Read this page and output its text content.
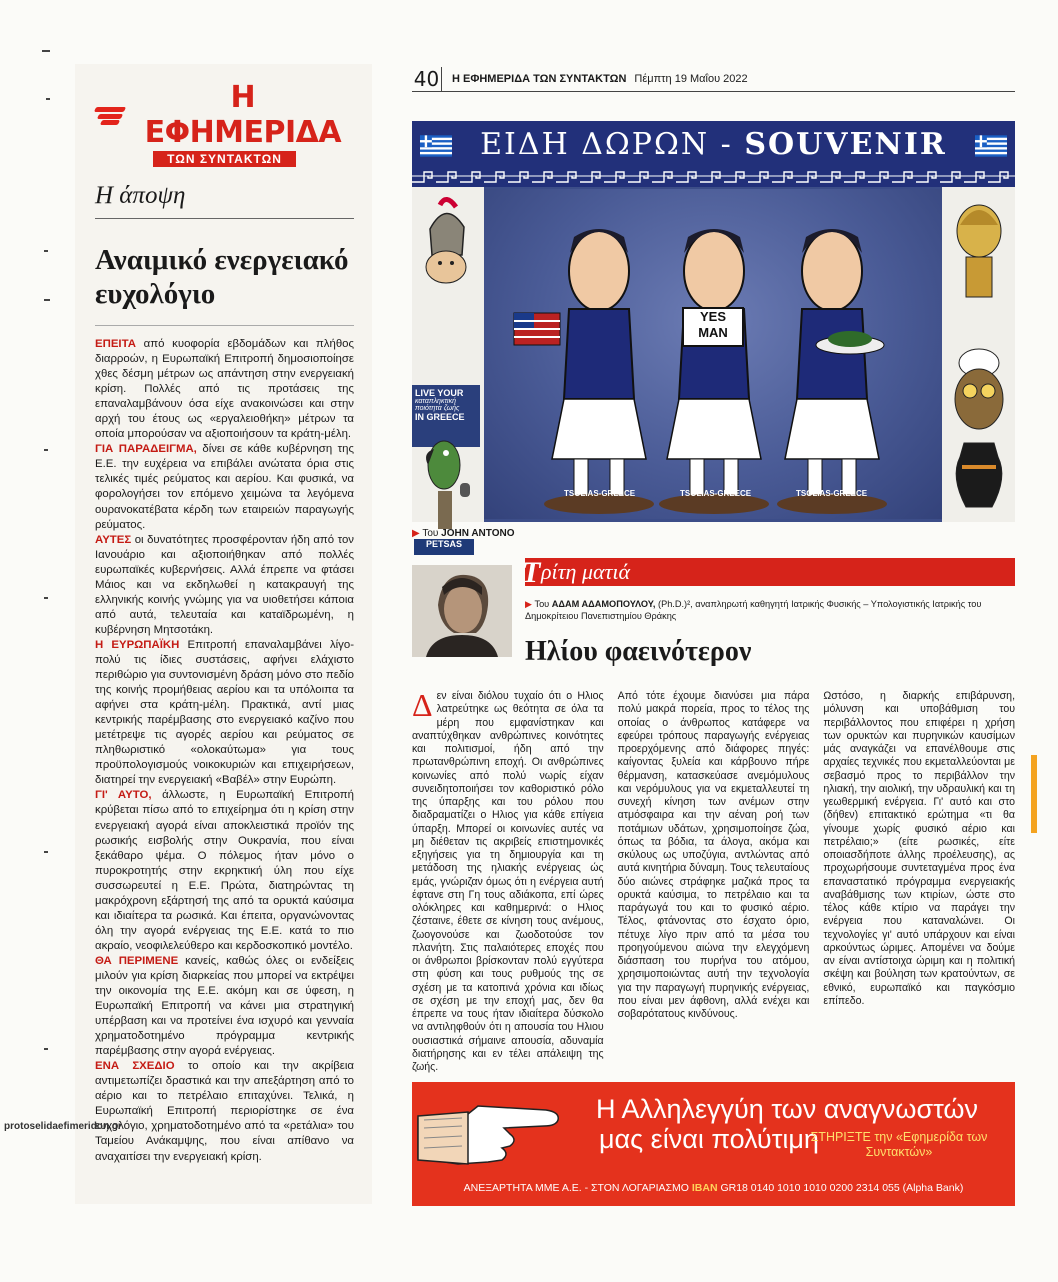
Η ΕΦΗΜΕΡΙΔΑ
ΤΩΝ ΣΥΝΤΑΚΤΩΝ
Η άποψη
Αναιμικό ενεργειακό ευχολόγιο

ΕΠΕΙΤΑ από κυοφορία εβδομάδων και πλήθος διαρροών, η Ευρωπαϊκή Επιτροπή δημοσιοποίησε χθες δέσμη μέτρων ως απάντηση στην ενεργειακή κρίση. Πολλές από τις προτάσεις της επαναλαμβάνουν όσα είχε ανακοινώσει και στην αρχή του έτους ως «εργαλειοθήκη» μέτρων τα οποία μπορούσαν να αξιοποιήσουν τα κράτη-μέλη.

ΓΙΑ ΠΑΡΑΔΕΙΓΜΑ, δίνει σε κάθε κυβέρνηση της Ε.Ε. την ευχέρεια να επιβάλει ανώτατα όρια στις τελικές τιμές ρεύματος και αερίου. Και φυσικά, να φορολογήσει τον επόμενο χειμώνα τα λεγόμενα ουρανοκατέβατα κέρδη των εταιρειών παραγωγής ρεύματος.

ΑΥΤΕΣ οι δυνατότητες προσφέρονταν ήδη από τον Ιανουάριο και αξιοποιήθηκαν από πολλές ευρωπαϊκές κυβερνήσεις. Αλλά έπρεπε να φτάσει Μάιος και να εκδηλωθεί η κατακραυγή της ελληνικής κοινής γνώμης για να υιοθετήσει κάποια από αυτά, τελευταία και καταϊδρωμένη, η κυβέρνηση Μητσοτάκη.

Η ΕΥΡΩΠΑΪΚΗ Επιτροπή επαναλαμβάνει λίγο-πολύ τις ίδιες συστάσεις, αφήνει ελάχιστο περιθώριο για συντονισμένη δράση μόνο στο πεδίο της κοινής προμήθειας αερίου και τα υπόλοιπα τα αφήνει στα κράτη-μέλη. Πρακτικά, αντί μιας κεντρικής παρέμβασης στο ενεργειακό καζίνο που μετέτρεψε τις αγορές αερίου και ρεύματος σε πληθωριστικό «ολοκαύτωμα» για τους προϋπολογισμούς νοικοκυριών και επιχειρήσεων, διατηρεί την ενεργειακή «Βαβέλ» στην Ευρώπη.

ΓΙ' ΑΥΤΟ, άλλωστε, η Ευρωπαϊκή Επιτροπή κρύβεται πίσω από το επιχείρημα ότι η κρίση στην ενεργειακή αγορά είναι αποκλειστικά προϊόν της ρωσικής εισβολής στην Ουκρανία, που είναι ξεκάθαρο ψέμα. Ο πόλεμος ήταν μόνο ο πυροκροτητής στην εκρηκτική ύλη που είχε συσσωρευτεί η Ε.Ε. Πρώτα, διατηρώντας τη μακρόχρονη εξάρτησή της από τα ορυκτά καύσιμα και ιδιαίτερα τα ρωσικά. Και έπειτα, οργανώνοντας όλη την αγορά ενέργειας της Ε.Ε. κατά το πιο ακραίο, νεοφιλελεύθερο και κερδοσκοπικό μοντέλο.

ΘΑ ΠΕΡΙΜΕΝΕ κανείς, καθώς όλες οι ενδείξεις μιλούν για κρίση διαρκείας που μπορεί να εκτρέψει την οικονομία της Ε.Ε. ακόμη και σε ύφεση, η Ευρωπαϊκή Επιτροπή να κάνει μια στρατηγική υπέρβαση και να προτείνει ένα ισχυρό και γενναία χρηματοδοτημένο πρόγραμμα κεντρικής παρέμβασης στην αγορά ενέργειας.

ΕΝΑ ΣΧΕΔΙΟ το οποίο και την ακρίβεια αντιμετωπίζει δραστικά και την απεξάρτηση από το αέριο και το πετρέλαιο επιταχύνει. Τελικά, η Ευρωπαϊκή Επιτροπή περιορίστηκε σε ένα ευχολόγιο, χρηματοδοτημένο από τα «ρετάλια» του Ταμείου Ανάκαμψης, που είναι απίθανο να αναχαιτίσει την ενεργειακή κρίση.

40 Η ΕΦΗΜΕΡΙΔΑ ΤΩΝ ΣΥΝΤΑΚΤΩΝ Πέμπτη 19 Μαΐου 2022
ΕΙΔΗ ΔΩΡΩΝ - SOUVENIR
LIVE YOUR
καταπληκτική
ποιότητα ζωής
IN GREECE
PETSAS
YES
MAN
TSOLIAS-GREECE	TSOLIAS-GREECE	TSOLIAS-GREECE
▶ Του JOHN ANTONO
Τ ρίτη ματιά
▶ Του ΑΔΑΜ ΑΔΑΜΟΠΟΥΛΟΥ, (Ph.D.)², αναπληρωτή καθηγητή Ιατρικής Φυσικής – Υπολογιστικής Ιατρικής του Δημοκρίτειου Πανεπιστημίου Θράκης
Ηλίου φαεινότερον
Δεν είναι διόλου τυχαίο ότι ο Ηλιος λατρεύτηκε ως θεότητα σε όλα τα μέρη που εμφανίστηκαν και αναπτύχθηκαν ανθρώπινες κοινότητες και πολιτισμοί, ήδη από την πρωτανθρώπινη εποχή. Οι ανθρώπινες κοινωνίες από πολύ νωρίς είχαν συνειδητοποιήσει τον καθοριστικό ρόλο της ύπαρξης και του ρόλου που διαδραματίζει ο Ηλιος για κάθε επίγεια ύπαρξη. Μπορεί οι κοινωνίες αυτές να μη διέθεταν τις ακριβείς επιστημονικές εξηγήσεις για τη δημιουργία και τη μετάδοση της ηλιακής ενέργειας ώς εμάς, γνώριζαν όμως ότι η ενέργεια αυτή έφτανε στη Γη τους αδιάκοπα, επί ώρες ολόκληρες και καθημερινά: ο Ηλιος ζέσταινε, έθετε σε κίνηση τους ανέμους, ζωογονούσε και ζωοδοτούσε τον πλανήτη. Στις παλαιότερες εποχές που οι άνθρωποι βρίσκονταν πολύ εγγύτερα στη φύση και τους ρυθμούς της σε σχέση με τα κατοπινά χρόνια και ιδίως σε σχέση με την εποχή μας, δεν θα έπρεπε να τους ήταν ιδιαίτερα δύσκολο να αντιληφθούν ότι η απουσία του Ηλιου ουσιαστικά σήμαινε απουσία, αδυναμία διατήρησης και εν τέλει απάλειψη της ζωής.
Από τότε έχουμε διανύσει μια πάρα πολύ μακρά πορεία, προς το τέλος της οποίας ο άνθρωπος κατάφερε να εφεύρει τρόπους παραγωγής ενέργειας προερχόμενης από διάφορες πηγές: καίγοντας ξυλεία και κάρβουνο πήρε θέρμανση, κατασκεύασε ανεμόμυλους και νερόμυλους για να εκμεταλλευτεί τη συνεχή κίνηση των ανέμων στην ατμόσφαιρα και την αέναη ροή των ποτάμιων υδάτων, χρησιμοποίησε ζώα, όπως τα βόδια, τα άλογα, ακόμα και σκύλους ως υποζύγια, αντλώντας από αυτά κινητήρια δύναμη. Τους τελευταίους δύο αιώνες στράφηκε μαζικά προς τα ορυκτά καύσιμα, το πετρέλαιο και τα παράγωγά του και το φυσικό αέριο. Τέλος, φτάνοντας στο έσχατο όριο, πέτυχε λίγο πριν από τα μέσα του προηγούμενου αιώνα την ελεγχόμενη διάσπαση του πυρήνα του ατόμου, χρησιμοποιώντας αυτή την τεχνολογία για την παραγωγή πυρηνικής ενέργειας, που είναι μεν άφθονη, αλλά ενέχει και σοβαρότατους κινδύνους.
Ωστόσο, η διαρκής επιβάρυνση, μόλυνση και υποβάθμιση του περιβάλλοντος που επιφέρει η χρήση των ορυκτών και πυρηνικών καυσίμων μάς αναγκάζει να επανέλθουμε στις αρχαίες τεχνικές που εκμεταλλεύονται με σεβασμό προς το περιβάλλον την ηλιακή, την αιολική, την υδραυλική και τη γεωθερμική ενέργεια. Γι' αυτό και στο (δήθεν) επιτακτικό ερώτημα «τι θα γίνουμε χωρίς φυσικό αέριο και πετρέλαιο;» (είτε ρωσικές, είτε οποιασδήποτε άλλης προέλευσης), ας προχωρήσουμε συντεταγμένα προς ένα επαναστατικό πρόγραμμα ενεργειακής αναβάθμισης των κτιρίων, ώστε στο τέλος κάθε κτίριο να παράγει την ενέργεια που καταναλώνει. Οι τεχνολογίες γι' αυτό υπάρχουν και είναι αρκούντως ώριμες. Απομένει να δούμε αν είναι αντίστοιχα ώριμη και η πολιτική σκέψη και βούληση των κρατούντων, σε εθνικό, ευρωπαϊκό και παγκόσμιο επίπεδο.
Η Αλληλεγγύη των αναγνωστών
μας είναι πολύτιμη
ΣΤΗΡΙΞΤΕ την «Εφημερίδα των Συντακτών»
ΑΝΕΞΑΡΤΗΤΑ ΜΜΕ Α.Ε. - ΣΤΟΝ ΛΟΓΑΡΙΑΣΜΟ IBAN GR18 0140 1010 1010 0200 2314 055 (Alpha Bank)
protoselidaefimeridon.gr
